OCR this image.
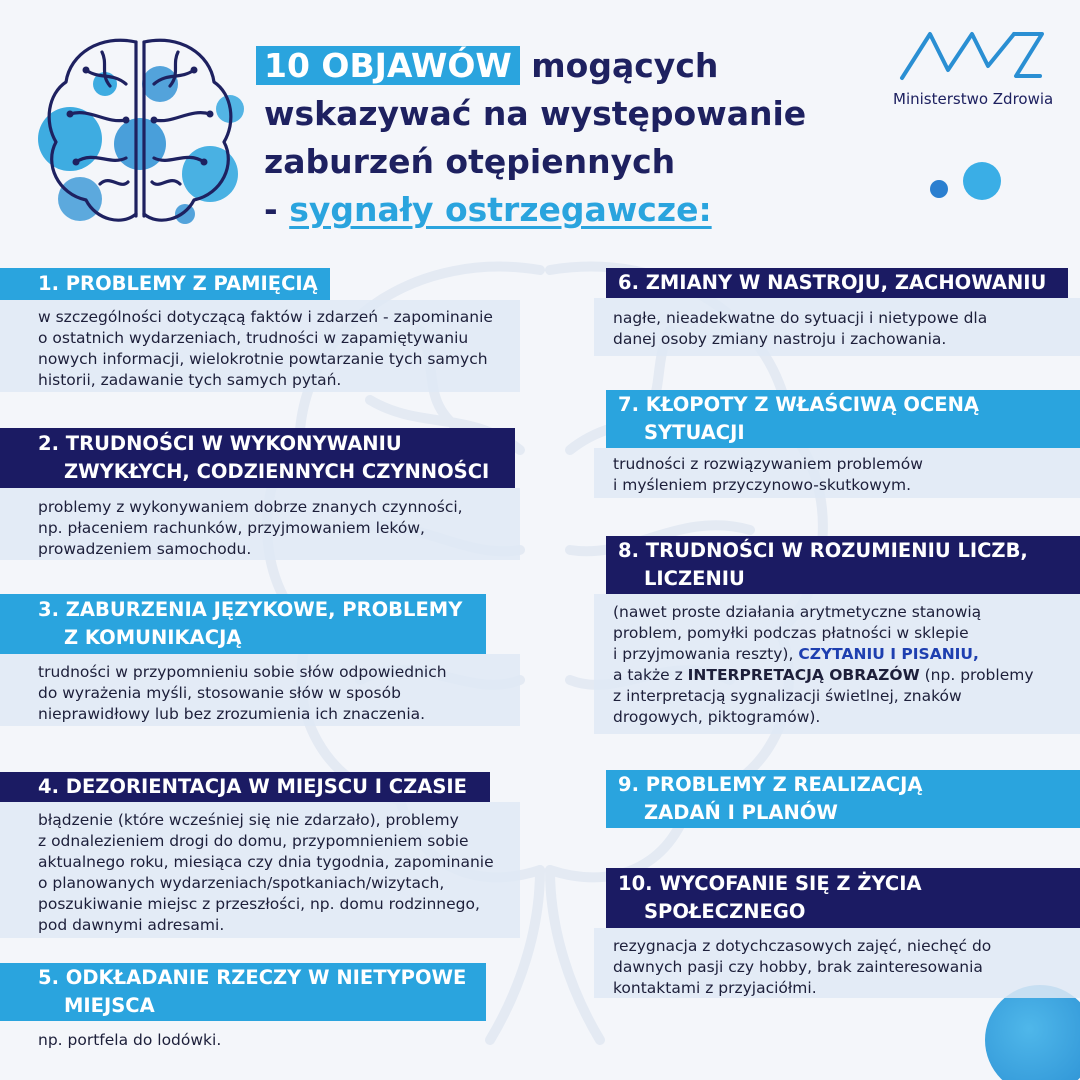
10 OBJAWÓW mogących
wskazywać na występowanie
zaburzeń otępiennych
- sygnały ostrzegawcze:
Ministerstwo Zdrowia
1. PROBLEMY Z PAMIĘCIĄ
w szczególności dotyczącą faktów i zdarzeń - zapominanie
o ostatnich wydarzeniach, trudności w zapamiętywaniu
nowych informacji, wielokrotnie powtarzanie tych samych
historii, zadawanie tych samych pytań.
2. TRUDNOŚCI W WYKONYWANIU
ZWYKŁYCH, CODZIENNYCH CZYNNOŚCI
problemy z wykonywaniem dobrze znanych czynności,
np. płaceniem rachunków, przyjmowaniem leków,
prowadzeniem samochodu.
3. ZABURZENIA JĘZYKOWE, PROBLEMY
Z KOMUNIKACJĄ
trudności w przypomnieniu sobie słów odpowiednich
do wyrażenia myśli, stosowanie słów w sposób
nieprawidłowy lub bez zrozumienia ich znaczenia.
4. DEZORIENTACJA W MIEJSCU I CZASIE
błądzenie (które wcześniej się nie zdarzało), problemy
z odnalezieniem drogi do domu, przypomnieniem sobie
aktualnego roku, miesiąca czy dnia tygodnia, zapominanie
o planowanych wydarzeniach/spotkaniach/wizytach,
poszukiwanie miejsc z przeszłości, np. domu rodzinnego,
pod dawnymi adresami.
5. ODKŁADANIE RZECZY W NIETYPOWE
MIEJSCA
np. portfela do lodówki.
6. ZMIANY W NASTROJU, ZACHOWANIU
nagłe, nieadekwatne do sytuacji i nietypowe dla
danej osoby zmiany nastroju i zachowania.
7. KŁOPOTY Z WŁAŚCIWĄ OCENĄ
SYTUACJI
trudności z rozwiązywaniem problemów
i myśleniem przyczynowo-skutkowym.
8. TRUDNOŚCI W ROZUMIENIU LICZB,
LICZENIU
(nawet proste działania arytmetyczne stanowią
problem, pomyłki podczas płatności w sklepie
i przyjmowania reszty), CZYTANIU I PISANIU,
a także z INTERPRETACJĄ OBRAZÓW (np. problemy
z interpretacją sygnalizacji świetlnej, znaków
drogowych, piktogramów).
9. PROBLEMY Z REALIZACJĄ
ZADAŃ I PLANÓW
10. WYCOFANIE SIĘ Z ŻYCIA
SPOŁECZNEGO
rezygnacja z dotychczasowych zajęć, niechęć do
dawnych pasji czy hobby, brak zainteresowania
kontaktami z przyjaciółmi.
